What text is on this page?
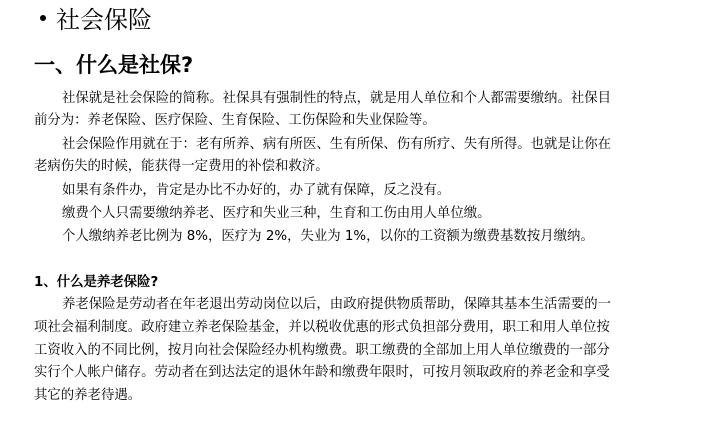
社会保险
一、什么是社保?
社保就是社会保险的简称。社保具有强制性的特点，就是用人单位和个人都需要缴纳。社保目
前分为：养老保险、医疗保险、生育保险、工伤保险和失业保险等。
社会保险作用就在于：老有所养、病有所医、生有所保、伤有所疗、失有所得。也就是让你在
老病伤失的时候，能获得一定费用的补偿和救济。
如果有条件办，肯定是办比不办好的，办了就有保障，反之没有。
缴费个人只需要缴纳养老、医疗和失业三种，生育和工伤由用人单位缴。
个人缴纳养老比例为 8%，医疗为 2%，失业为 1%，以你的工资额为缴费基数按月缴纳。
1、什么是养老保险?
养老保险是劳动者在年老退出劳动岗位以后，由政府提供物质帮助，保障其基本生活需要的一
项社会福利制度。政府建立养老保险基金，并以税收优惠的形式负担部分费用，职工和用人单位按
工资收入的不同比例，按月向社会保险经办机构缴费。职工缴费的全部加上用人单位缴费的一部分
实行个人帐户储存。劳动者在到达法定的退休年龄和缴费年限时，可按月领取政府的养老金和享受
其它的养老待遇。
